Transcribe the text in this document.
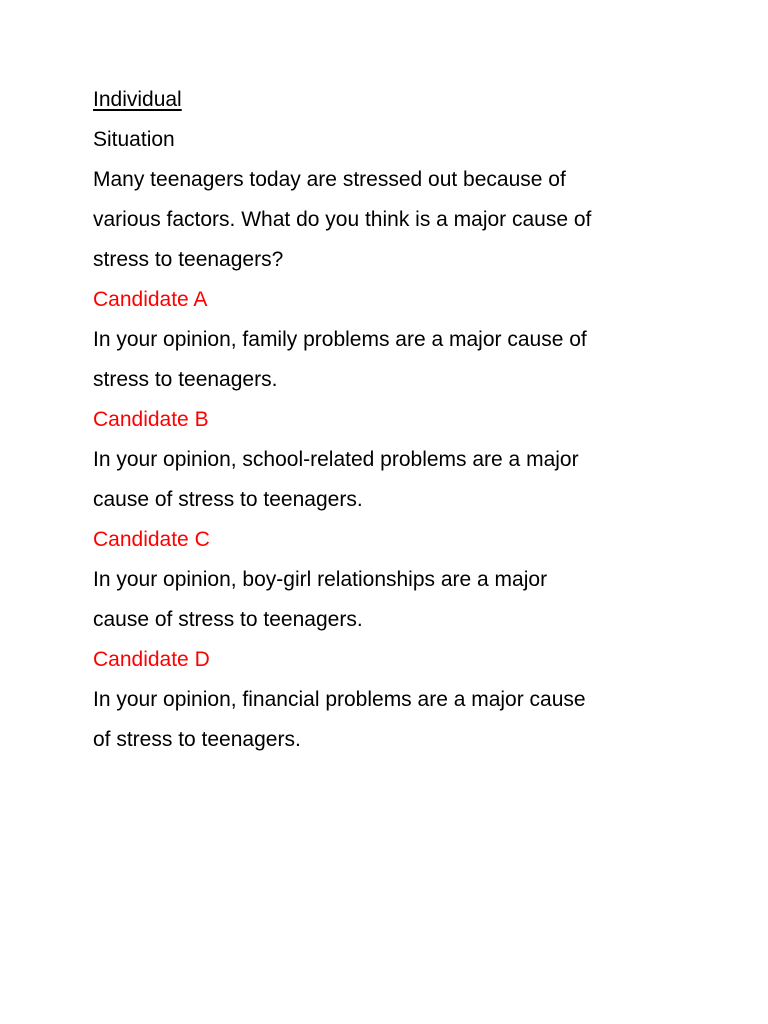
Individual
Situation
Many teenagers today are stressed out because of
various factors. What do you think is a major cause of
stress to teenagers?
Candidate A
In your opinion, family problems are a major cause of
stress to teenagers.
Candidate B
In your opinion, school-related problems are a major
cause of stress to teenagers.
Candidate C
In your opinion, boy-girl relationships are a major
cause of stress to teenagers.
Candidate D
In your opinion, financial problems are a major cause
of stress to teenagers.
